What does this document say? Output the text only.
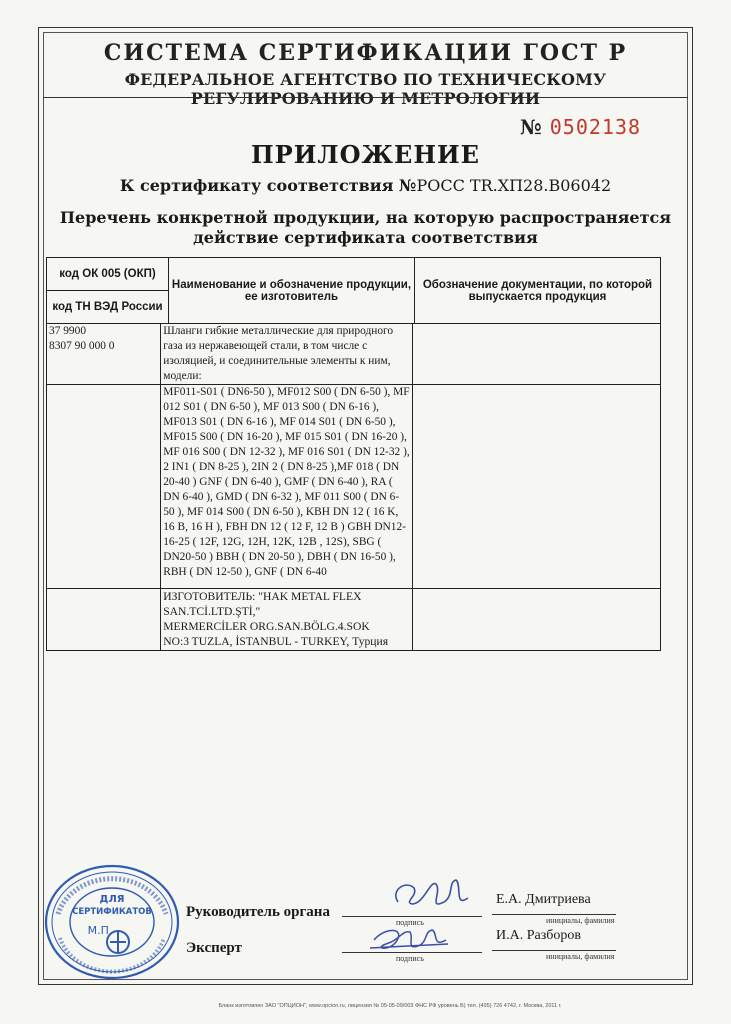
СИСТЕМА СЕРТИФИКАЦИИ ГОСТ Р
ФЕДЕРАЛЬНОЕ АГЕНТСТВО ПО ТЕХНИЧЕСКОМУ РЕГУЛИРОВАНИЮ И МЕТРОЛОГИИ
№ 0502138
ПРИЛОЖЕНИЕ
К сертификату соответствия №РОСС TR.ХП28.В06042
Перечень конкретной продукции, на которую распространяется
действие сертификата соответствия
код ОК 005 (ОКП)	Наименование и обозначение продукции, ее изготовитель	Обозначение документации, по которой выпускается продукция
код ТН ВЭД России
37 9900
8307 90 000 0	Шланги гибкие металлические для природного газа из нержавеющей стали, в том числе с изоляцией, и соединительные элементы к ним, модели:	
	MF011-S01 ( DN6-50 ), MF012 S00 ( DN 6-50 ), MF 012 S01 ( DN 6-50 ), MF 013 S00 ( DN 6-16 ), MF013 S01 ( DN 6-16 ), MF 014 S01 ( DN 6-50 ), MF015 S00 ( DN 16-20 ), MF 015 S01 ( DN 16-20 ), MF 016 S00 ( DN 12-32 ), MF 016 S01 ( DN 12-32 ), 2 IN1 ( DN 8-25 ), 2IN 2 ( DN 8-25 ),MF 018 ( DN 20-40 ) GNF ( DN 6-40 ), GMF ( DN 6-40 ), RA ( DN 6-40 ), GMD ( DN 6-32 ), MF 011 S00 ( DN 6- 50 ), MF 014 S00 ( DN 6-50 ), KBH DN 12 ( 16 K, 16 B, 16 H ), FBH DN 12 ( 12 F, 12 B ) GBH DN12-16-25 ( 12F, 12G, 12H, 12K, 12B , 12S), SBG ( DN20-50 ) BBH ( DN 20-50 ), DBH ( DN 16-50 ), RBH ( DN 12-50 ), GNF ( DN 6-40	

	ИЗГОТОВИТЕЛЬ: "HAK METAL FLEX
SAN.TCİ.LTD.ŞTİ,"
MERMERCİLER ORG.SAN.BÖLG.4.SOK
NO:3 TUZLA, İSTANBUL - TURKEY, Турция	

ДЛЯ
СЕРТИФИКАТОВ
М.П.
Руководитель органа
подпись
Е.А. Дмитриева
инициалы, фамилия
Эксперт
подпись
И.А. Разборов
инициалы, фамилия
Бланк изготовлен ЗАО "ОПЦИОН", www.opcion.ru, лицензия № 05-05-09/003 ФНС РФ уровень Б) тел. (495) 726 4742, г. Москва, 2011 г.
